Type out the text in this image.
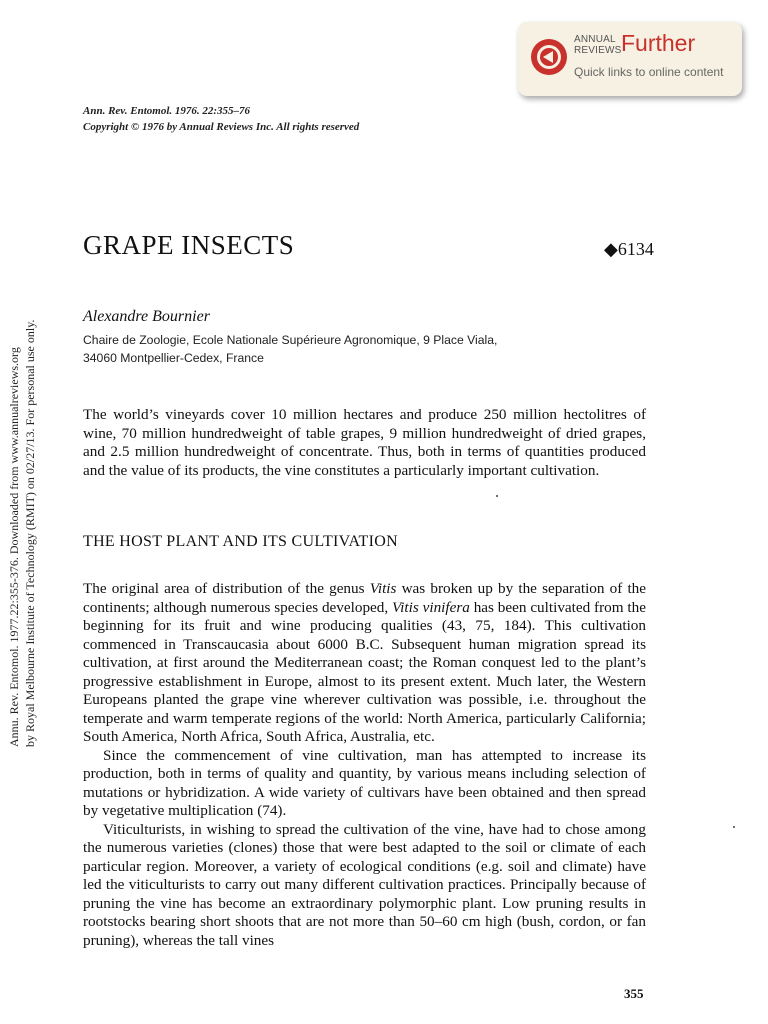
ANNUAL
REVIEWS Further
Quick links to online content
Annu. Rev. Entomol. 1977.22:355-376. Downloaded from www.annualreviews.org by Royal Melbourne Institute of Technology (RMIT) on 02/27/13. For personal use only.
Ann. Rev. Entomol. 1976. 22:355–76
Copyright © 1976 by Annual Reviews Inc. All rights reserved
GRAPE INSECTS	◆6134
Alexandre Bournier
Chaire de Zoologie, Ecole Nationale Supérieure Agronomique, 9 Place Viala,
34060 Montpellier-Cedex, France

The world’s vineyards cover 10 million hectares and produce 250 million hectolitres of wine, 70 million hundredweight of table grapes, 9 million hundredweight of dried grapes, and 2.5 million hundredweight of concentrate. Thus, both in terms of quantities produced and the value of its products, the vine constitutes a particularly important cultivation.

THE HOST PLANT AND ITS CULTIVATION

The original area of distribution of the genus Vitis was broken up by the separation of the continents; although numerous species developed, Vitis vinifera has been cultivated from the beginning for its fruit and wine producing qualities (43, 75, 184). This cultivation commenced in Transcaucasia about 6000 B.C. Subsequent human migration spread its cultivation, at first around the Mediterranean coast; the Roman conquest led to the plant’s progressive establishment in Europe, almost to its present extent. Much later, the Western Europeans planted the grape vine wherever cultivation was possible, i.e. throughout the temperate and warm temperate regions of the world: North America, particularly California; South America, North Africa, South Africa, Australia, etc.

Since the commencement of vine cultivation, man has attempted to increase its production, both in terms of quality and quantity, by various means including selection of mutations or hybridization. A wide variety of cultivars have been obtained and then spread by vegetative multiplication (74).

Viticulturists, in wishing to spread the cultivation of the vine, have had to chose among the numerous varieties (clones) those that were best adapted to the soil or climate of each particular region. Moreover, a variety of ecological conditions (e.g. soil and climate) have led the viticulturists to carry out many different cultivation practices. Principally because of pruning the vine has become an extraordinary polymorphic plant. Low pruning results in rootstocks bearing short shoots that are not more than 50–60 cm high (bush, cordon, or fan pruning), whereas the tall vines

355
